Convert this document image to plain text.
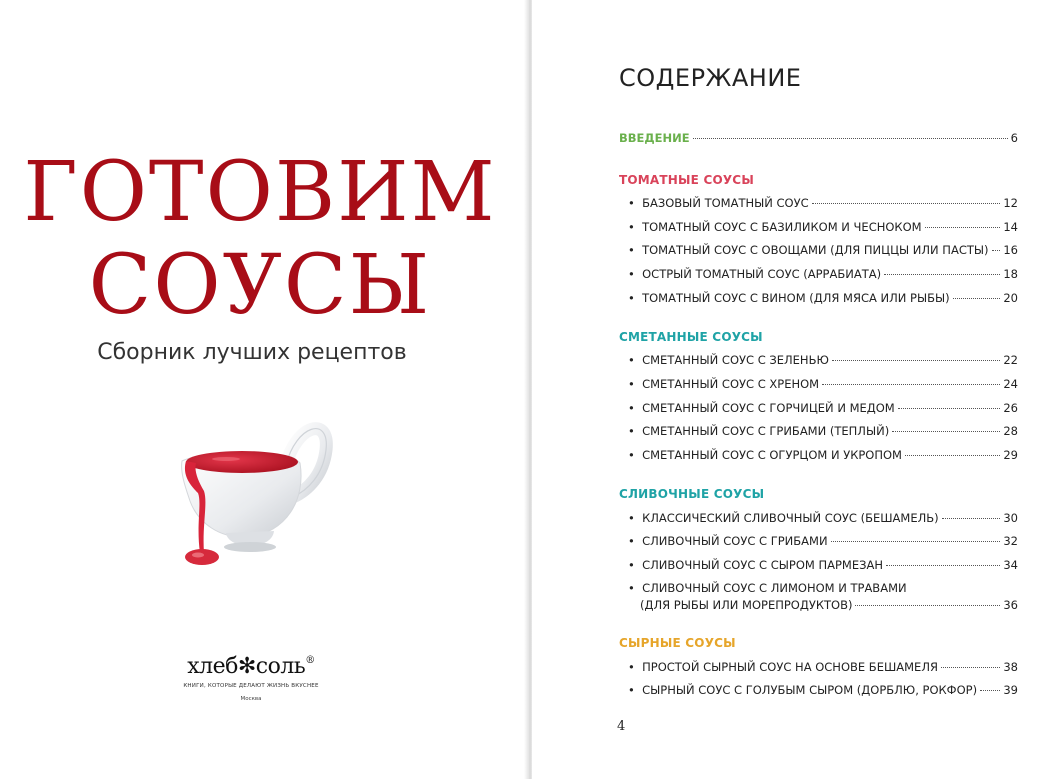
ГОТОВИМ
СОУСЫ
Сборник лучших рецептов
хлеб✻соль®
КНИГИ, КОТОРЫЕ ДЕЛАЮТ ЖИЗНЬ ВКУСНЕЕ
Москва
СОДЕРЖАНИЕ
ВВЕДЕНИЕ	6
ТОМАТНЫЕ СОУСЫ
СМЕТАННЫЕ СОУСЫ
СЛИВОЧНЫЕ СОУСЫ
СЫРНЫЕ СОУСЫ
• БАЗОВЫЙ ТОМАТНЫЙ СОУС	12
• ТОМАТНЫЙ СОУС С БАЗИЛИКОМ И ЧЕСНОКОМ	14
• ТОМАТНЫЙ СОУС С ОВОЩАМИ (ДЛЯ ПИЦЦЫ ИЛИ ПАСТЫ) 16
• ОСТРЫЙ ТОМАТНЫЙ СОУС (АРРАБИАТА)	18
• ТОМАТНЫЙ СОУС С ВИНОМ (ДЛЯ МЯСА ИЛИ РЫБЫ)	20
• СМЕТАННЫЙ СОУС С ЗЕЛЕНЬЮ	22
• СМЕТАННЫЙ СОУС С ХРЕНОМ	24
• СМЕТАННЫЙ СОУС С ГОРЧИЦЕЙ И МЕДОМ	26
• СМЕТАННЫЙ СОУС С ГРИБАМИ (ТЕПЛЫЙ)	28
• СМЕТАННЫЙ СОУС С ОГУРЦОМ И УКРОПОМ	29
• КЛАССИЧЕСКИЙ СЛИВОЧНЫЙ СОУС (БЕШАМЕЛЬ)	30
• СЛИВОЧНЫЙ СОУС С ГРИБАМИ	32
• СЛИВОЧНЫЙ СОУС С СЫРОМ ПАРМЕЗАН	34
• СЛИВОЧНЫЙ СОУС С ЛИМОНОМ И ТРАВАМИ
(ДЛЯ РЫБЫ ИЛИ МОРЕПРОДУКТОВ)	36
• ПРОСТОЙ СЫРНЫЙ СОУС НА ОСНОВЕ БЕШАМЕЛЯ	38
• СЫРНЫЙ СОУС С ГОЛУБЫМ СЫРОМ (ДОРБЛЮ, РОКФОР) 39
4
